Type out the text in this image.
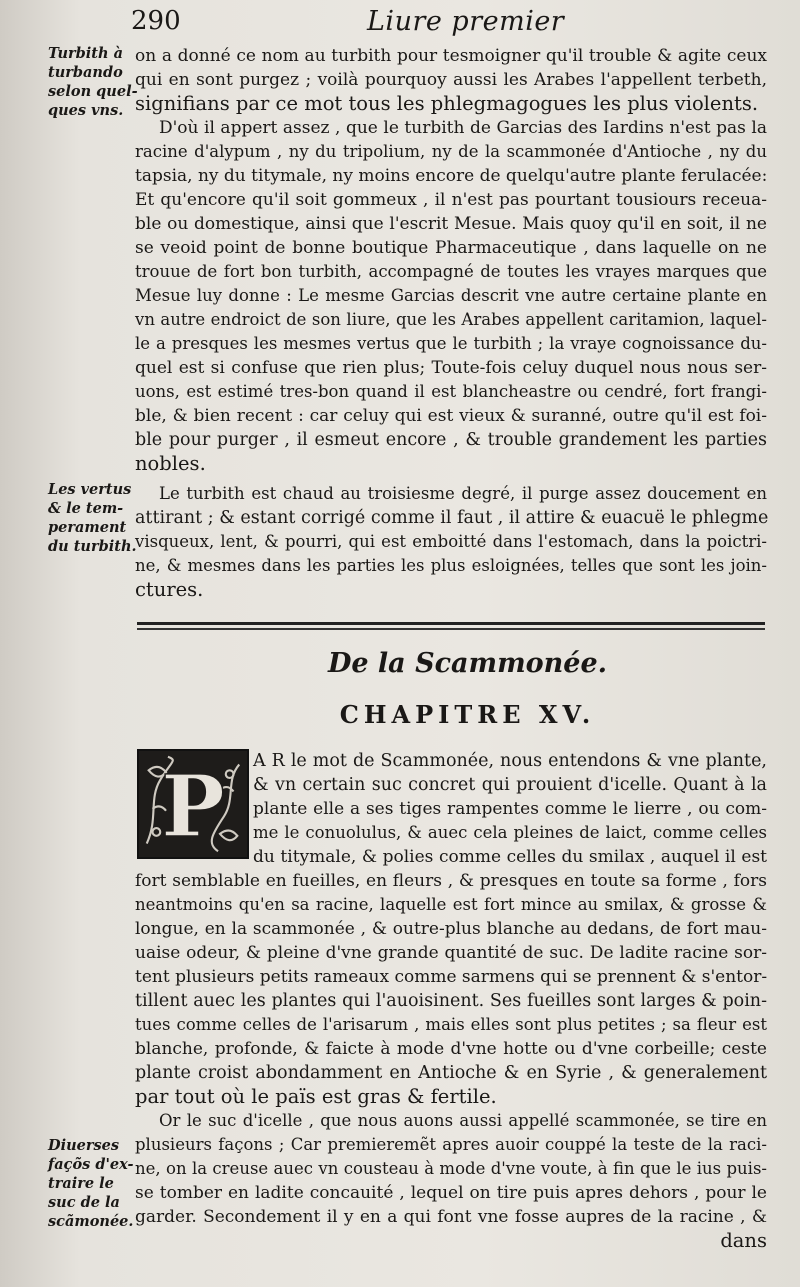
290	Liure premier
Turbith à
turbando
selon quel-
ques vns.
on a donné ce nom au turbith pour tesmoigner qu'il trouble & agite ceux
qui en sont purgez ; voilà pourquoy aussi les Arabes l'appellent terbeth,
signifians par ce mot tous les phlegmagogues les plus violents.
D'où il appert assez , que le turbith de Garcias des Iardins n'est pas la
racine d'alypum , ny du tripolium, ny de la scammonée d'Antioche , ny du
tapsia, ny du titymale, ny moins encore de quelqu'autre plante ferulacée:
Et qu'encore qu'il soit gommeux , il n'est pas pourtant tousiours receua-
ble ou domestique, ainsi que l'escrit Mesue. Mais quoy qu'il en soit, il ne
se veoid point de bonne boutique Pharmaceutique , dans laquelle on ne
trouue de fort bon turbith, accompagné de toutes les vrayes marques que
Mesue luy donne : Le mesme Garcias descrit vne autre certaine plante en
vn autre endroict de son liure, que les Arabes appellent caritamion, laquel-
le a presques les mesmes vertus que le turbith ; la vraye cognoissance du-
quel est si confuse que rien plus; Toute-fois celuy duquel nous nous ser-
uons, est estimé tres-bon quand il est blancheastre ou cendré, fort frangi-
ble, & bien recent : car celuy qui est vieux & suranné, outre qu'il est foi-
ble pour purger , il esmeut encore , & trouble grandement les parties
nobles.
Les vertus
& le tem-
perament
du turbith.
Le turbith est chaud au troisiesme degré, il purge assez doucement en
attirant ; & estant corrigé comme il faut , il attire & euacuë le phlegme
visqueux, lent, & pourri, qui est emboitté dans l'estomach, dans la poictri-
ne, & mesmes dans les parties les plus esloignées, telles que sont les join-
ctures.
De la Scammonée.
CHAPITRE XV.
P	A R le mot de Scammonée, nous entendons & vne plante,
& vn certain suc concret qui prouient d'icelle. Quant à la
plante elle a ses tiges rampentes comme le lierre , ou com-
me le conuolulus, & auec cela pleines de laict, comme celles
du titymale, & polies comme celles du smilax , auquel il est
fort semblable en fueilles, en fleurs , & presques en toute sa forme , fors
neantmoins qu'en sa racine, laquelle est fort mince au smilax, & grosse &
longue, en la scammonée , & outre-plus blanche au dedans, de fort mau-
uaise odeur, & pleine d'vne grande quantité de suc. De ladite racine sor-
tent plusieurs petits rameaux comme sarmens qui se prennent & s'entor-
tillent auec les plantes qui l'auoisinent. Ses fueilles sont larges & poin-
tues comme celles de l'arisarum , mais elles sont plus petites ; sa fleur est
blanche, profonde, & faicte à mode d'vne hotte ou d'vne corbeille; ceste
plante croist abondamment en Antioche & en Syrie , & generalement
par tout où le païs est gras & fertile.
Or le suc d'icelle , que nous auons aussi appellé scammonée, se tire en
plusieurs façons ; Car premieremẽt apres auoir couppé la teste de la raci-
ne, on la creuse auec vn cousteau à mode d'vne voute, à fin que le ius puis-
se tomber en ladite concauité , lequel on tire puis apres dehors , pour le
garder. Secondement il y en a qui font vne fosse aupres de la racine , &
dans
Diuerses
façõs d'ex-
traire le
suc de la
scãmonée.
